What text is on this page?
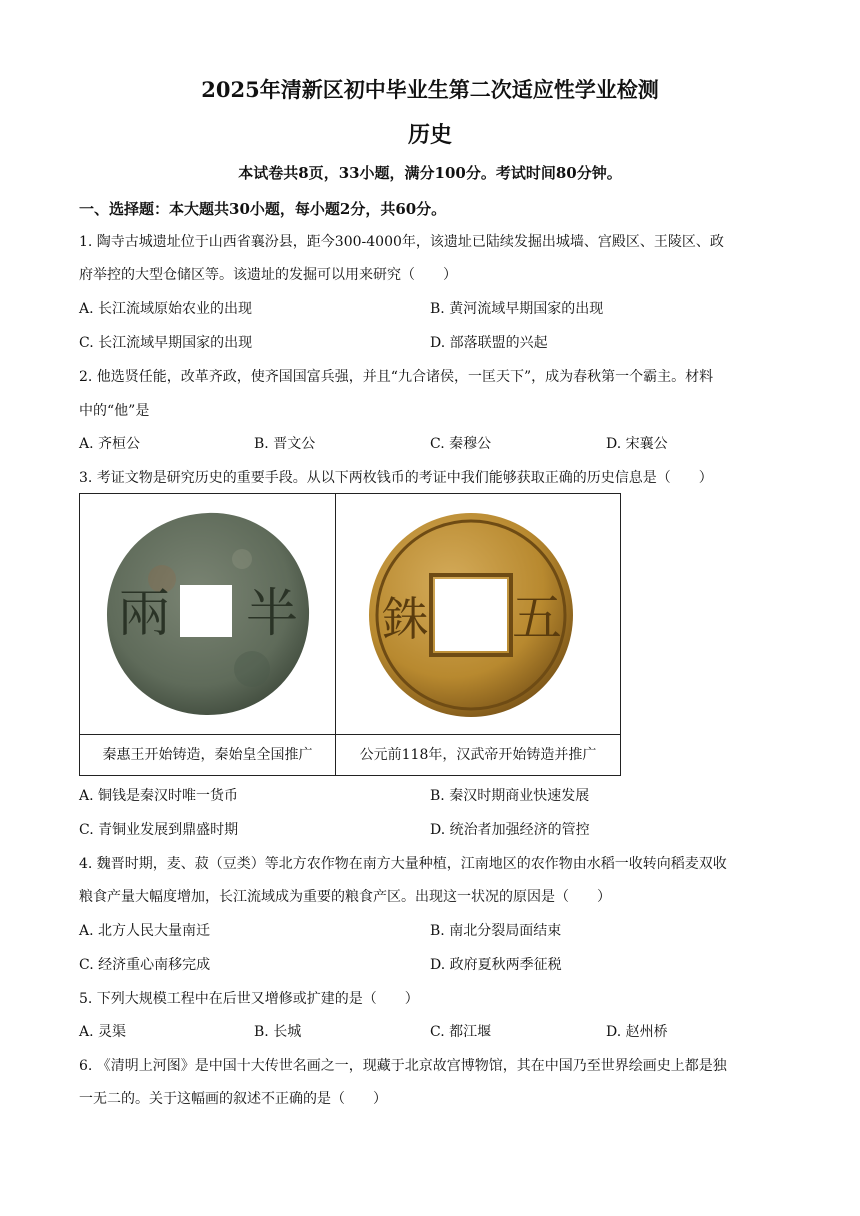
2025年清新区初中毕业生第二次适应性学业检测
历史
本试卷共8页，33小题，满分100分。考试时间80分钟。
一、选择题：本大题共30小题，每小题2分，共60分。
1. 陶寺古城遗址位于山西省襄汾县，距今300-4000年，该遗址已陆续发掘出城墙、宫殿区、王陵区、政
府举控的大型仓储区等。该遗址的发掘可以用来研究（　　）
A. 长江流域原始农业的出现	B. 黄河流域早期国家的出现
C. 长江流域早期国家的出现	D. 部落联盟的兴起
2. 他选贤任能，改革齐政，使齐国国富兵强，并且“九合诸侯，一匡天下”，成为春秋第一个霸主。材料
中的“他”是
A. 齐桓公	B. 晋文公	C. 秦穆公	D. 宋襄公
3. 考证文物是研究历史的重要手段。从以下两枚钱币的考证中我们能够获取正确的历史信息是（　　）
兩 半	五
銖
秦惠王开始铸造，秦始皇全国推广	公元前118年，汉武帝开始铸造并推广
A. 铜钱是秦汉时唯一货币	B. 秦汉时期商业快速发展
C. 青铜业发展到鼎盛时期	D. 统治者加强经济的管控
4. 魏晋时期，麦、菽（豆类）等北方农作物在南方大量种植，江南地区的农作物由水稻一收转向稻麦双收
粮食产量大幅度增加，长江流域成为重要的粮食产区。出现这一状况的原因是（　　）
A. 北方人民大量南迁	B. 南北分裂局面结束
C. 经济重心南移完成	D. 政府夏秋两季征税
5. 下列大规模工程中在后世又增修或扩建的是（　　）
A. 灵渠	B. 长城	C. 都江堰	D. 赵州桥
6. 《清明上河图》是中国十大传世名画之一，现藏于北京故宫博物馆，其在中国乃至世界绘画史上都是独
一无二的。关于这幅画的叙述不正确的是（　　）
